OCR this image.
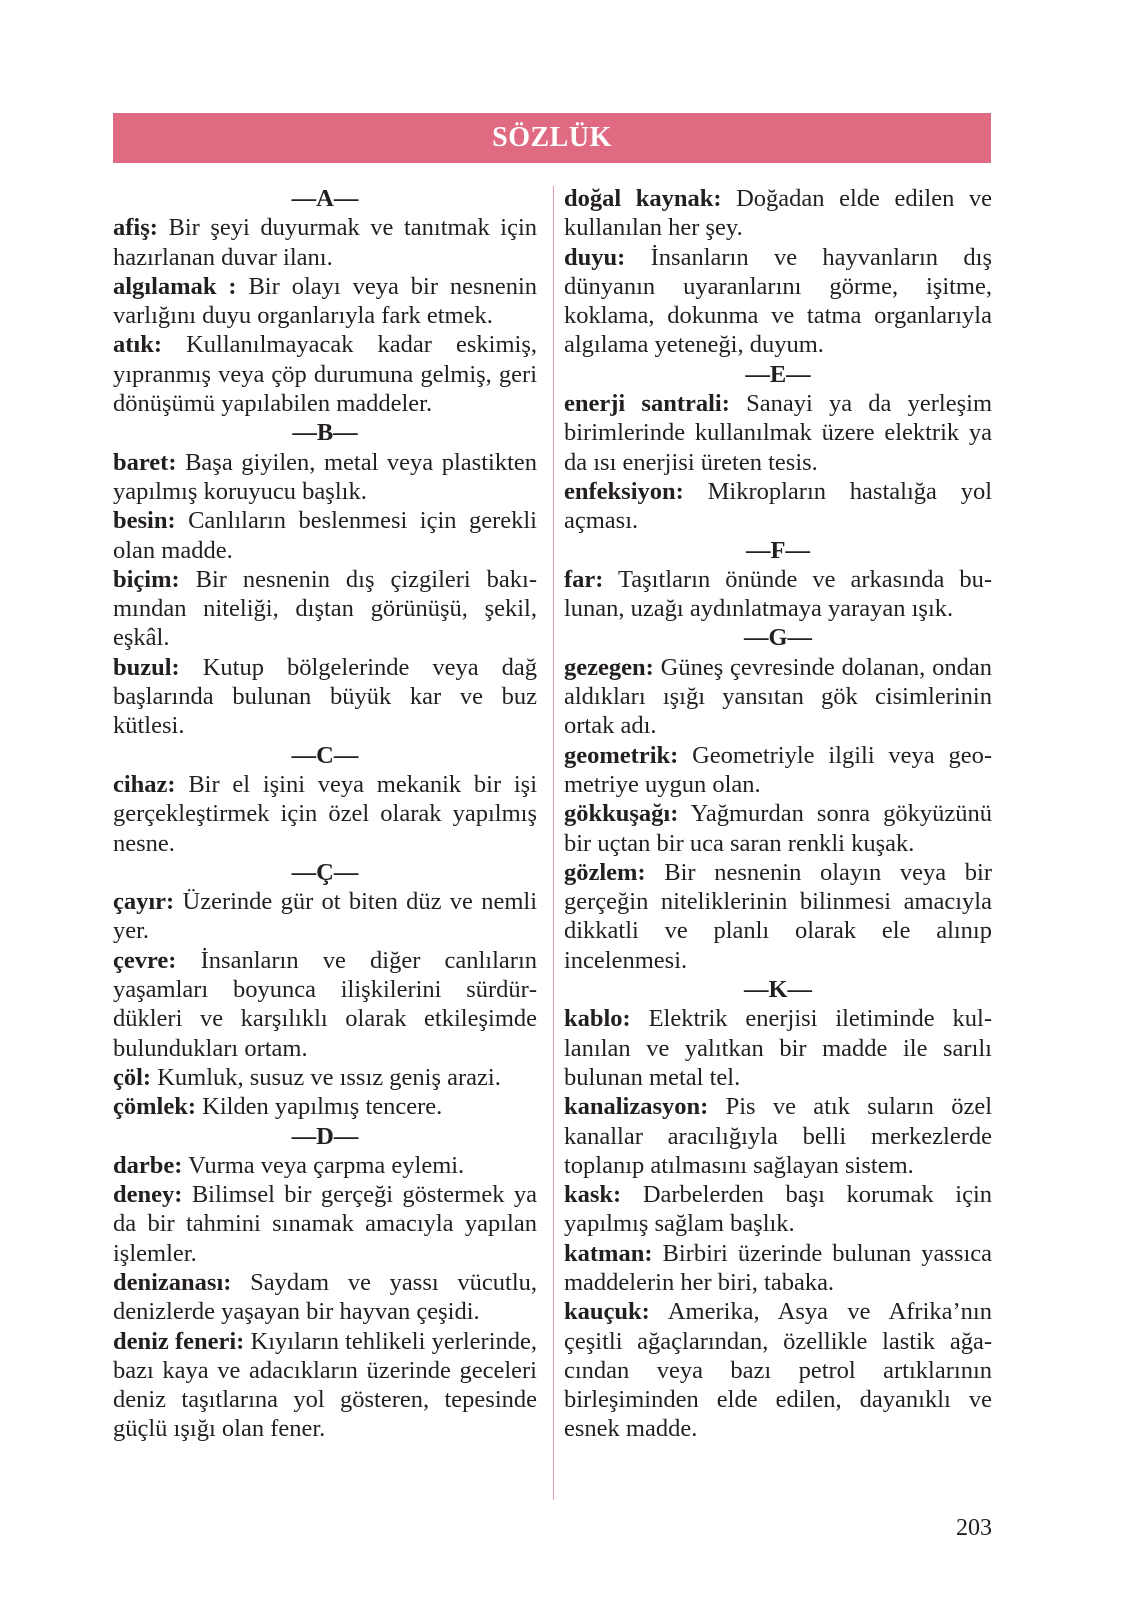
SÖZLÜK
—A—
afiş: Bir şeyi duyurmak ve tanıtmak için hazırlanan duvar ilanı.
algılamak : Bir olayı veya bir nesnenin varlığını duyu organlarıyla fark etmek.
atık: Kullanılmayacak kadar eskimiş, yıpranmış veya çöp durumuna gelmiş, geri dönüşümü yapılabilen maddeler.
—B—
baret: Başa giyilen, metal veya plastikten yapılmış koruyucu başlık.
besin: Canlıların beslenmesi için gerekli olan madde.
biçim: Bir nesnenin dış çizgileri bakımından niteliği, dıştan görünüşü, şekil, eşkâl.
buzul: Kutup bölgelerinde veya dağ başlarında bulunan büyük kar ve buz kütlesi.
—C—
cihaz: Bir el işini veya mekanik bir işi gerçekleştirmek için özel olarak yapılmış nesne.
—Ç—
çayır: Üzerinde gür ot biten düz ve nemli yer.
çevre: İnsanların ve diğer canlıların yaşamları boyunca ilişkilerini sürdürdükleri ve karşılıklı olarak etkileşimde bulundukları ortam.
çöl: Kumluk, susuz ve ıssız geniş arazi.
çömlek: Kilden yapılmış tencere.
—D—
darbe: Vurma veya çarpma eylemi.
deney: Bilimsel bir gerçeği göstermek ya da bir tahmini sınamak amacıyla yapılan işlemler.
denizanası: Saydam ve yassı vücutlu, denizlerde yaşayan bir hayvan çeşidi.
deniz feneri: Kıyıların tehlikeli yerlerinde, bazı kaya ve adacıkların üzerinde geceleri deniz taşıtlarına yol gösteren, tepesinde güçlü ışığı olan fener.
doğal kaynak: Doğadan elde edilen ve kullanılan her şey.
duyu: İnsanların ve hayvanların dış dünyanın uyaranlarını görme, işitme, koklama, dokunma ve tatma organlarıyla algılama yeteneği, duyum.
—E—
enerji santrali: Sanayi ya da yerleşim birimlerinde kullanılmak üzere elektrik ya da ısı enerjisi üreten tesis.
enfeksiyon: Mikropların hastalığa yol açması.
—F—
far: Taşıtların önünde ve arkasında bulunan, uzağı aydınlatmaya yarayan ışık.
—G—
gezegen: Güneş çevresinde dolanan, ondan aldıkları ışığı yansıtan gök cisimlerinin ortak adı.
geometrik: Geometriyle ilgili veya geometriye uygun olan.
gökkuşağı: Yağmurdan sonra gökyüzünü bir uçtan bir uca saran renkli kuşak.
gözlem: Bir nesnenin olayın veya bir gerçeğin niteliklerinin bilinmesi amacıyla dikkatli ve planlı olarak ele alınıp incelenmesi.
—K—
kablo: Elektrik enerjisi iletiminde kullanılan ve yalıtkan bir madde ile sarılı bulunan metal tel.
kanalizasyon: Pis ve atık suların özel kanallar aracılığıyla belli merkezlerde toplanıp atılmasını sağlayan sistem.
kask: Darbelerden başı korumak için yapılmış sağlam başlık.
katman: Birbiri üzerinde bulunan yassıca maddelerin her biri, tabaka.
kauçuk: Amerika, Asya ve Afrika’nın çeşitli ağaçlarından, özellikle lastik ağacından veya bazı petrol artıklarının birleşiminden elde edilen, dayanıklı ve esnek madde.
203
